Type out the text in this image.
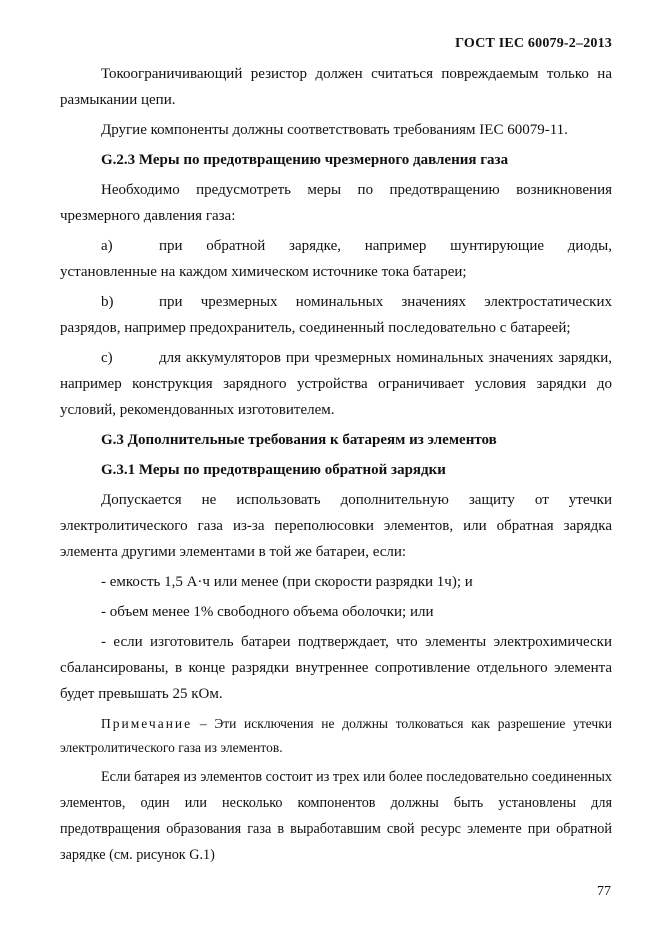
ГОСТ IEC 60079-2–2013

Токоограничивающий резистор должен считаться повреждаемым только на размыкании цепи.

Другие компоненты должны соответствовать требованиям IEC 60079-11.

G.2.3 Меры по предотвращению чрезмерного давления газа

Необходимо предусмотреть меры по предотвращению возникновения чрезмерного давления газа:

a)	при обратной зарядке, например шунтирующие диоды, установленные на каждом химическом источнике тока батареи;

b)	при чрезмерных номинальных значениях электростатических разрядов, например предохранитель, соединенный последовательно с батареей;

c)	для аккумуляторов при чрезмерных номинальных значениях зарядки, например конструкция зарядного устройства ограничивает условия зарядки до условий, рекомендованных изготовителем.

G.3 Дополнительные требования к батареям из элементов

G.3.1 Меры по предотвращению обратной зарядки

Допускается не использовать дополнительную защиту от утечки электролитического газа из-за переполюсовки элементов, или обратная зарядка элемента другими элементами в той же батареи, если:

- емкость 1,5 А·ч или менее (при скорости разрядки 1ч); и

- объем менее 1% свободного объема оболочки; или

- если изготовитель батареи подтверждает, что элементы электрохимически сбалансированы, в конце разрядки внутреннее сопротивление отдельного элемента будет превышать 25 кОм.

Примечание – Эти исключения не должны толковаться как разрешение утечки электролитического газа из элементов.

Если батарея из элементов состоит из трех или более последовательно соединенных элементов, один или несколько компонентов должны быть установлены для предотвращения образования газа в выработавшим свой ресурс элементе при обратной зарядке (см. рисунок G.1)

77
